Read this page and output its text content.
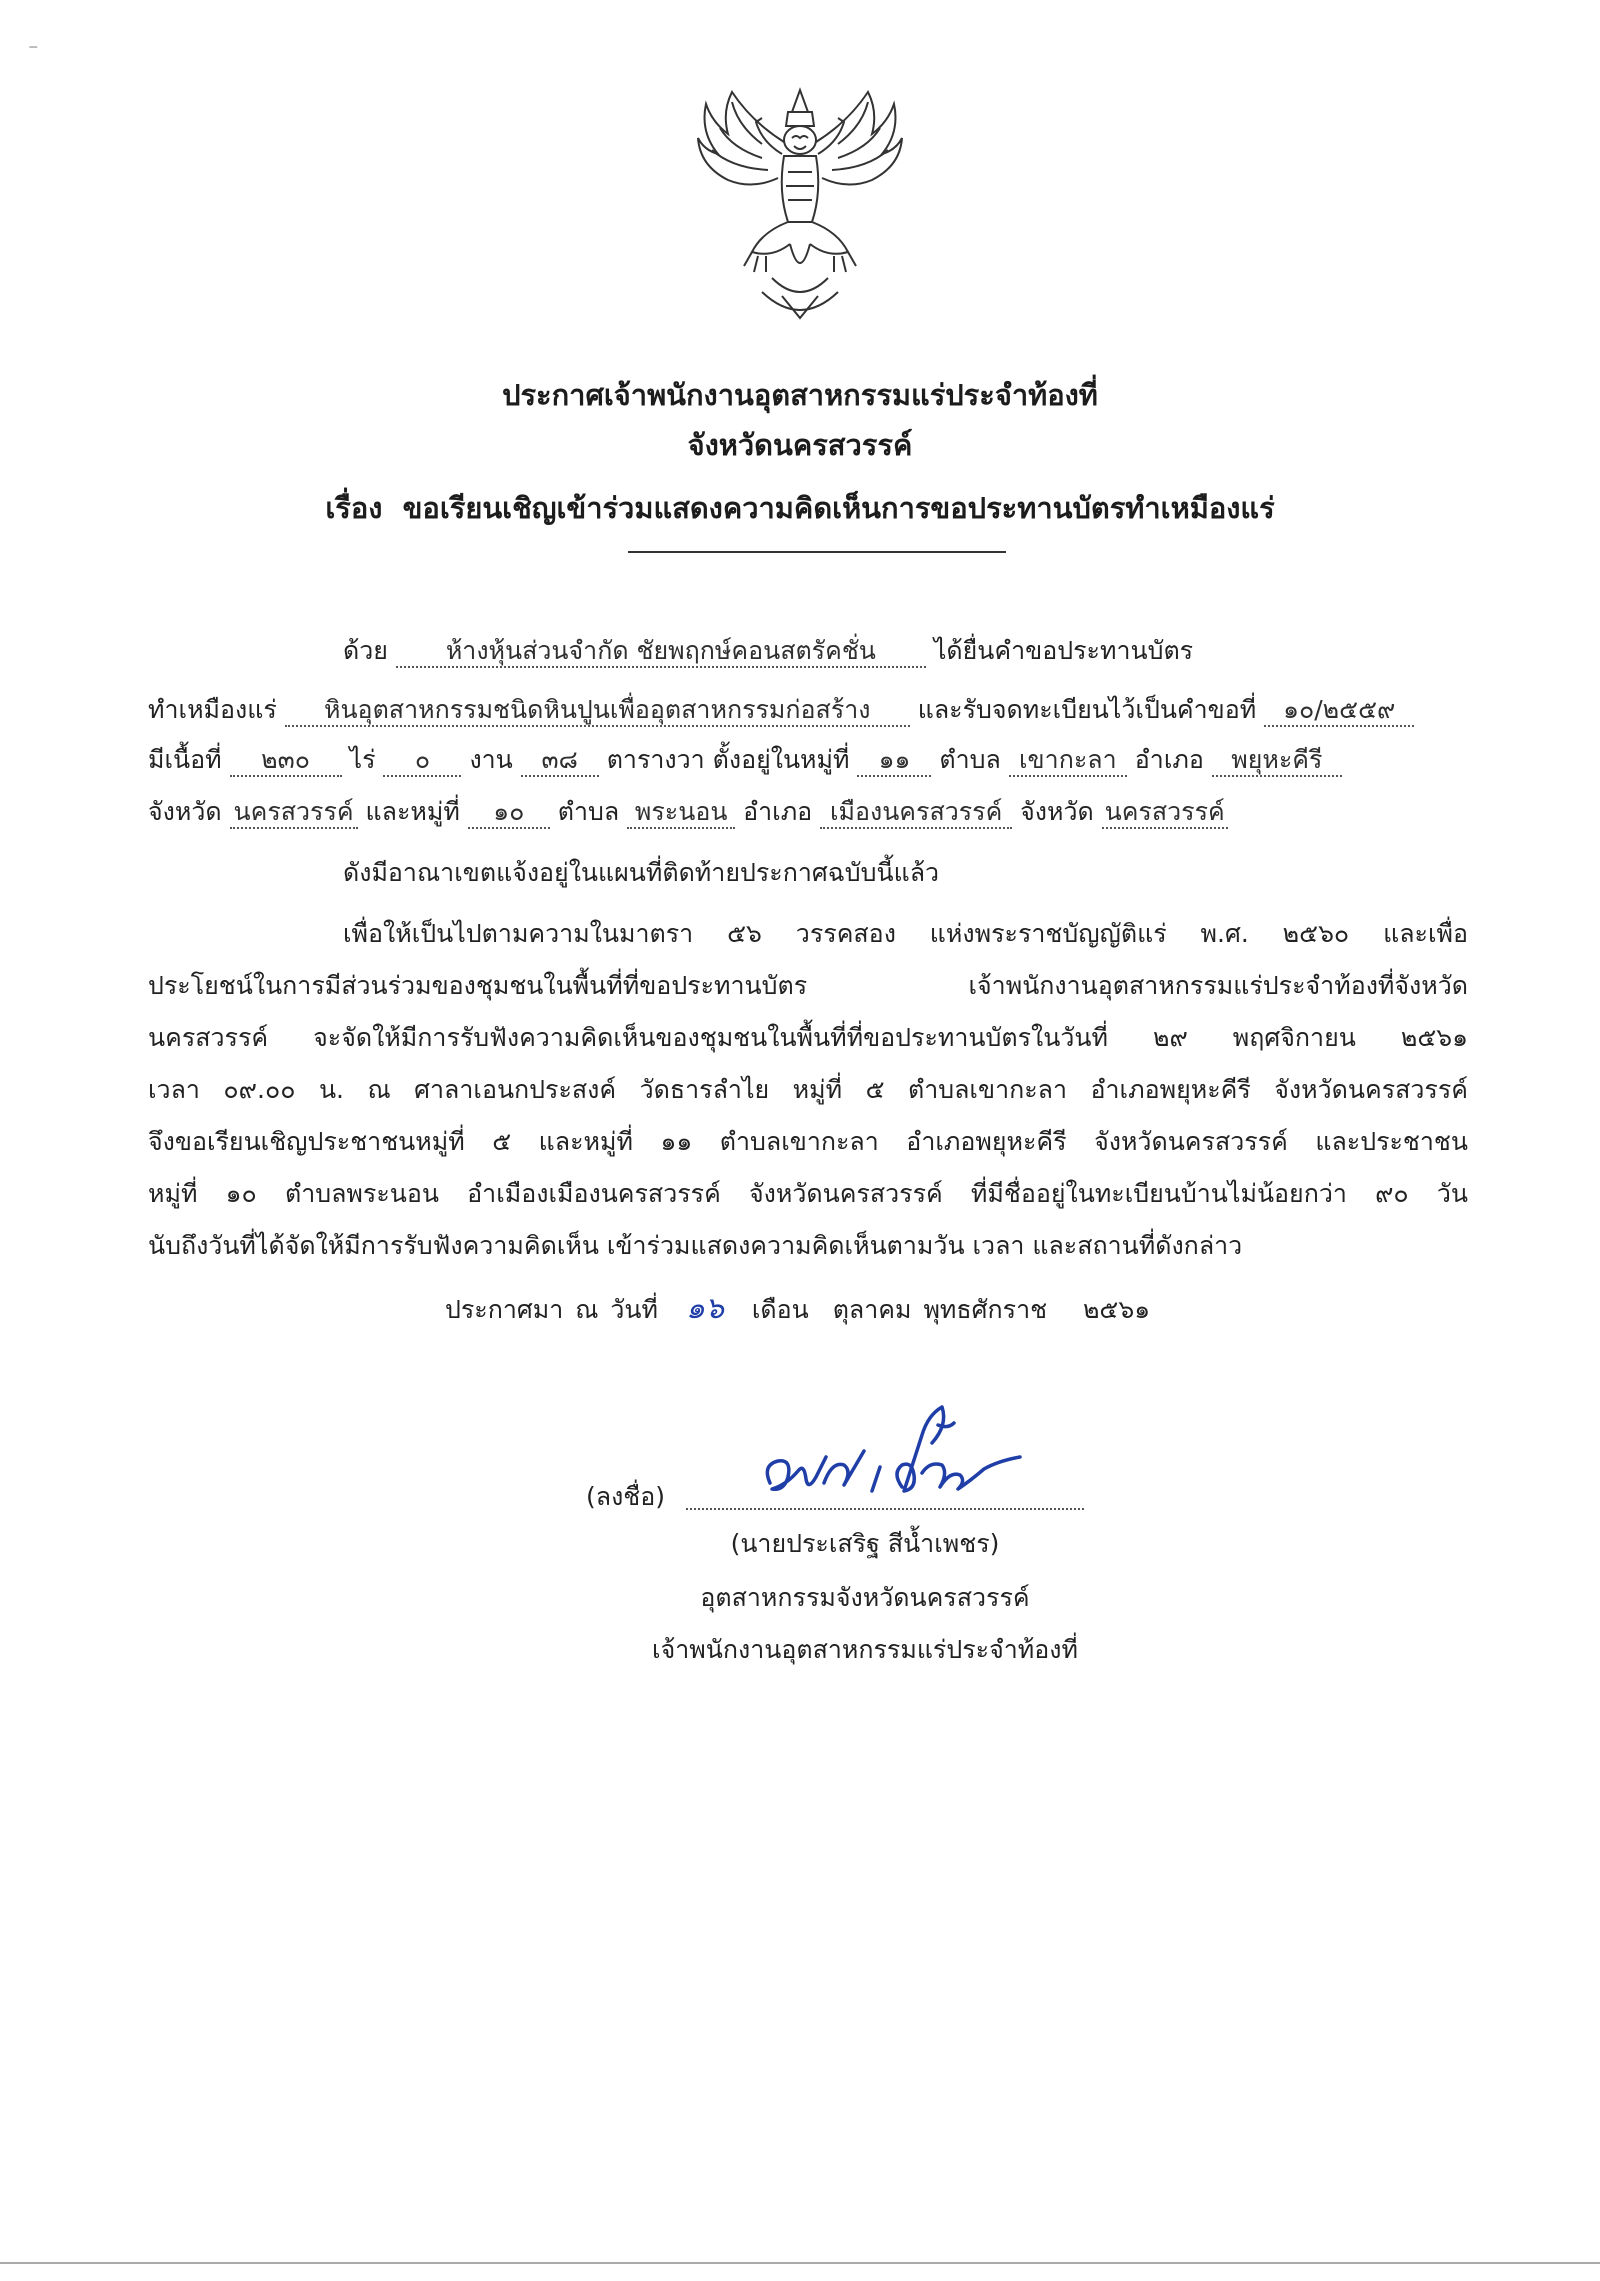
⁻
ประกาศเจ้าพนักงานอุตสาหกรรมแร่ประจำท้องที่
จังหวัดนครสวรรค์
เรื่อง ขอเรียนเชิญเข้าร่วมแสดงความคิดเห็นการขอประทานบัตรทำเหมืองแร่
ด้วย ห้างหุ้นส่วนจำกัด ชัยพฤกษ์คอนสตรัคชั่น ได้ยื่นคำขอประทานบัตร
ทำเหมืองแร่ หินอุตสาหกรรมชนิดหินปูนเพื่ออุตสาหกรรมก่อสร้าง และรับจดทะเบียนไว้เป็นคำขอที่ ๑๐/๒๕๕๙
มีเนื้อที่ ๒๓๐ ไร่ ๐ งาน ๓๘ ตารางวา ตั้งอยู่ในหมู่ที่ ๑๑ ตำบล เขากะลา อำเภอ พยุหะคีรี
จังหวัด นครสวรรค์ และหมู่ที่ ๑๐ ตำบล พระนอน อำเภอ เมืองนครสวรรค์ จังหวัด นครสวรรค์
ดังมีอาณาเขตแจ้งอยู่ในแผนที่ติดท้ายประกาศฉบับนี้แล้ว
เพื่อให้เป็นไปตามความในมาตรา ๕๖ วรรคสอง แห่งพระราชบัญญัติแร่ พ.ศ. ๒๕๖๐ และเพื่อ
ประโยชน์ในการมีส่วนร่วมของชุมชนในพื้นที่ที่ขอประทานบัตร เจ้าพนักงานอุตสาหกรรมแร่ประจำท้องที่จังหวัด
นครสวรรค์ จะจัดให้มีการรับฟังความคิดเห็นของชุมชนในพื้นที่ที่ขอประทานบัตรในวันที่ ๒๙ พฤศจิกายน ๒๕๖๑
เวลา ๐๙.๐๐ น. ณ ศาลาเอนกประสงค์ วัดธารลำไย หมู่ที่ ๕ ตำบลเขากะลา อำเภอพยุหะคีรี จังหวัดนครสวรรค์
จึงขอเรียนเชิญประชาชนหมู่ที่ ๕ และหมู่ที่ ๑๑ ตำบลเขากะลา อำเภอพยุหะคีรี จังหวัดนครสวรรค์ และประชาชน
หมู่ที่ ๑๐ ตำบลพระนอน อำเมืองเมืองนครสวรรค์ จังหวัดนครสวรรค์ ที่มีชื่ออยู่ในทะเบียนบ้านไม่น้อยกว่า ๙๐ วัน
นับถึงวันที่ได้จัดให้มีการรับฟังความคิดเห็น เข้าร่วมแสดงความคิดเห็นตามวัน เวลา และสถานที่ดังกล่าว
ประกาศมา ณ วันที่ ๑๖ เดือน ตุลาคม พุทธศักราช ๒๕๖๑
(ลงชื่อ)
(นายประเสริฐ สีน้ำเพชร)
อุตสาหกรรมจังหวัดนครสวรรค์
เจ้าพนักงานอุตสาหกรรมแร่ประจำท้องที่
